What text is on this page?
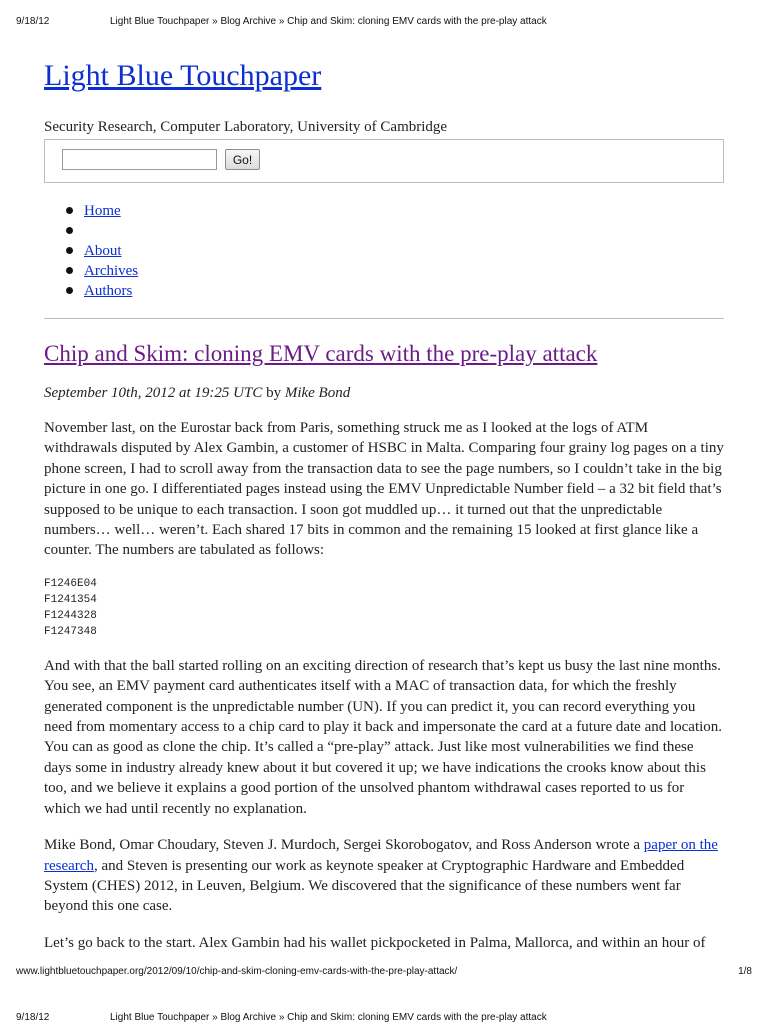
9/18/12	Light Blue Touchpaper » Blog Archive » Chip and Skim: cloning EMV cards with the pre-play attack
Light Blue Touchpaper
Security Research, Computer Laboratory, University of Cambridge
Go!
Home
About
Archives
Authors
Chip and Skim: cloning EMV cards with the pre-play attack
September 10th, 2012 at 19:25 UTC by Mike Bond

November last, on the Eurostar back from Paris, something struck me as I looked at the logs of ATM withdrawals disputed by Alex Gambin, a customer of HSBC in Malta. Comparing four grainy log pages on a tiny phone screen, I had to scroll away from the transaction data to see the page numbers, so I couldn’t take in the big picture in one go. I differentiated pages instead using the EMV Unpredictable Number field – a 32 bit field that’s supposed to be unique to each transaction. I soon got muddled up… it turned out that the unpredictable numbers… well… weren’t. Each shared 17 bits in common and the remaining 15 looked at first glance like a counter. The numbers are tabulated as follows:

F1246E04
F1241354
F1244328
F1247348

And with that the ball started rolling on an exciting direction of research that’s kept us busy the last nine months. You see, an EMV payment card authenticates itself with a MAC of transaction data, for which the freshly generated component is the unpredictable number (UN). If you can predict it, you can record everything you need from momentary access to a chip card to play it back and impersonate the card at a future date and location. You can as good as clone the chip. It’s called a “pre-play” attack. Just like most vulnerabilities we find these days some in industry already knew about it but covered it up; we have indications the crooks know about this too, and we believe it explains a good portion of the unsolved phantom withdrawal cases reported to us for which we had until recently no explanation.

Mike Bond, Omar Choudary, Steven J. Murdoch, Sergei Skorobogatov, and Ross Anderson wrote a paper on the research, and Steven is presenting our work as keynote speaker at Cryptographic Hardware and Embedded System (CHES) 2012, in Leuven, Belgium. We discovered that the significance of these numbers went far beyond this one case.

Let’s go back to the start. Alex Gambin had his wallet pickpocketed in Palma, Mallorca, and within an hour of

www.lightbluetouchpaper.org/2012/09/10/chip-and-skim-cloning-emv-cards-with-the-pre-play-attack/	1/8
9/18/12	Light Blue Touchpaper » Blog Archive » Chip and Skim: cloning EMV cards with the pre-play attack
